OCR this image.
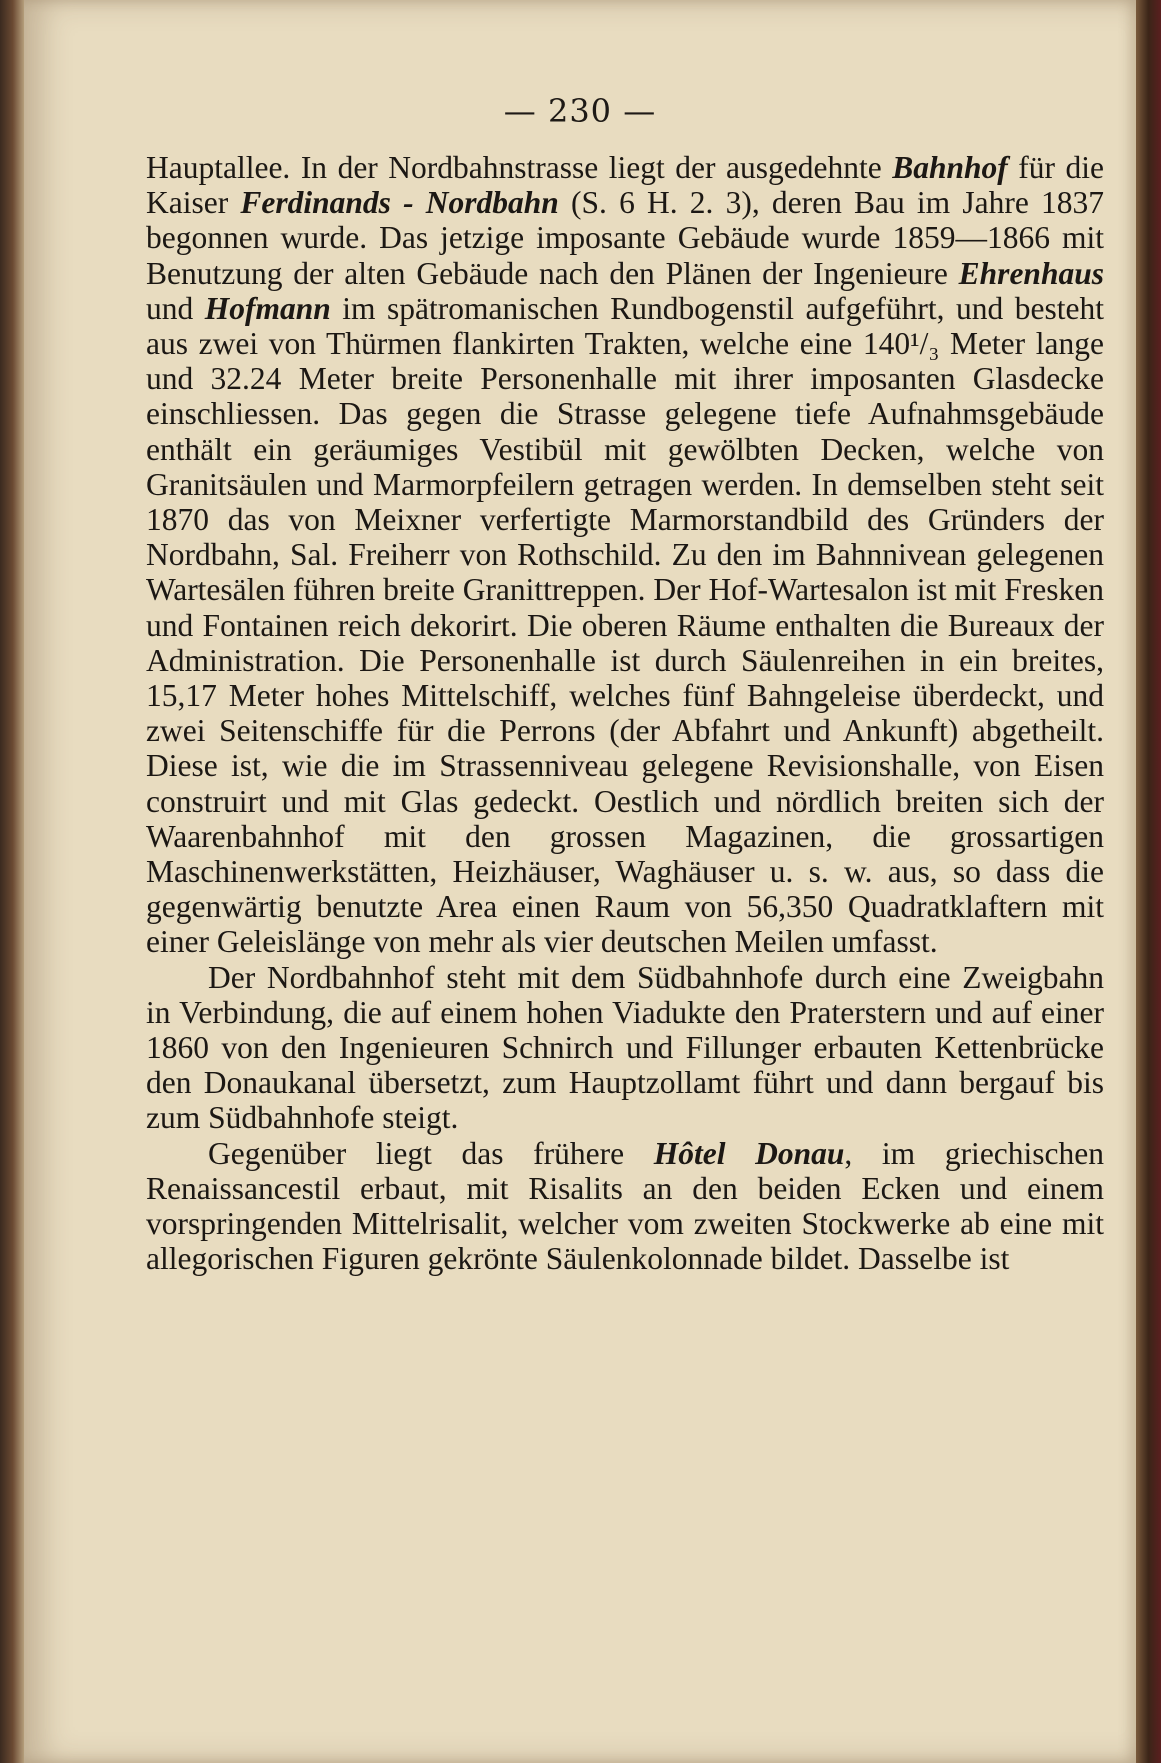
— 230 —

Hauptallee. In der Nordbahnstrasse liegt der ausgedehnte Bahnhof für die Kaiser Ferdinands - Nordbahn (S. 6 H. 2. 3), deren Bau im Jahre 1837 begonnen wurde. Das jetzige imposante Gebäude wurde 1859—1866 mit Benutzung der alten Gebäude nach den Plänen der Ingenieure Ehrenhaus und Hofmann im spätromanischen Rundbogenstil aufgeführt, und besteht aus zwei von Thürmen flankirten Trakten, welche eine 140¹/₃ Meter lange und 32.24 Meter breite Personenhalle mit ihrer imposanten Glasdecke einschliessen. Das gegen die Strasse gelegene tiefe Aufnahmsgebäude enthält ein geräumiges Vestibül mit gewölbten Decken, welche von Granitsäulen und Marmorpfeilern getragen werden. In demselben steht seit 1870 das von Meixner verfertigte Marmorstandbild des Gründers der Nordbahn, Sal. Freiherr von Rothschild. Zu den im Bahnnivean gelegenen Wartesälen führen breite Granittreppen. Der Hof-Wartesalon ist mit Fresken und Fontainen reich dekorirt. Die oberen Räume enthalten die Bureaux der Administration. Die Personenhalle ist durch Säulenreihen in ein breites, 15,17 Meter hohes Mittelschiff, welches fünf Bahngeleise überdeckt, und zwei Seitenschiffe für die Perrons (der Abfahrt und Ankunft) abgetheilt. Diese ist, wie die im Strassenniveau gelegene Revisionshalle, von Eisen construirt und mit Glas gedeckt. Oestlich und nördlich breiten sich der Waarenbahnhof mit den grossen Magazinen, die grossartigen Maschinenwerkstätten, Heizhäuser, Waghäuser u. s. w. aus, so dass die gegenwärtig benutzte Area einen Raum von 56,350 Quadratklaftern mit einer Geleislänge von mehr als vier deutschen Meilen umfasst.

Der Nordbahnhof steht mit dem Südbahnhofe durch eine Zweigbahn in Verbindung, die auf einem hohen Viadukte den Praterstern und auf einer 1860 von den Ingenieuren Schnirch und Fillunger erbauten Kettenbrücke den Donaukanal übersetzt, zum Hauptzollamt führt und dann bergauf bis zum Südbahnhofe steigt.

Gegenüber liegt das frühere Hôtel Donau, im griechischen Renaissancestil erbaut, mit Risalits an den beiden Ecken und einem vorspringenden Mittelrisalit, welcher vom zweiten Stockwerke ab eine mit allegorischen Figuren gekrönte Säulenkolonnade bildet. Dasselbe ist
